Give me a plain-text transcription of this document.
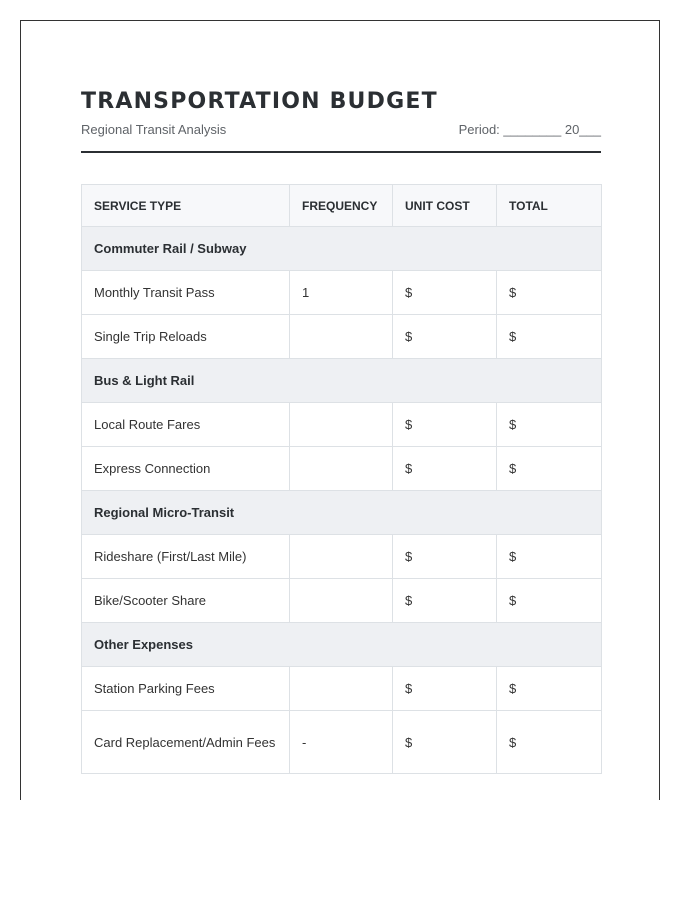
TRANSPORTATION BUDGET
Regional Transit Analysis	Period: ________ 20___
SERVICE TYPE	FREQUENCY	UNIT COST	TOTAL
Commuter Rail / Subway			
Monthly Transit Pass	1	$	$
Single Trip Reloads		$	$
Bus & Light Rail			
Local Route Fares		$	$
Express Connection		$	$
Regional Micro-Transit			
Rideshare (First/Last Mile)		$	$
Bike/Scooter Share		$	$
Other Expenses			
Station Parking Fees		$	$
Card Replacement/Admin Fees	-	$	$
